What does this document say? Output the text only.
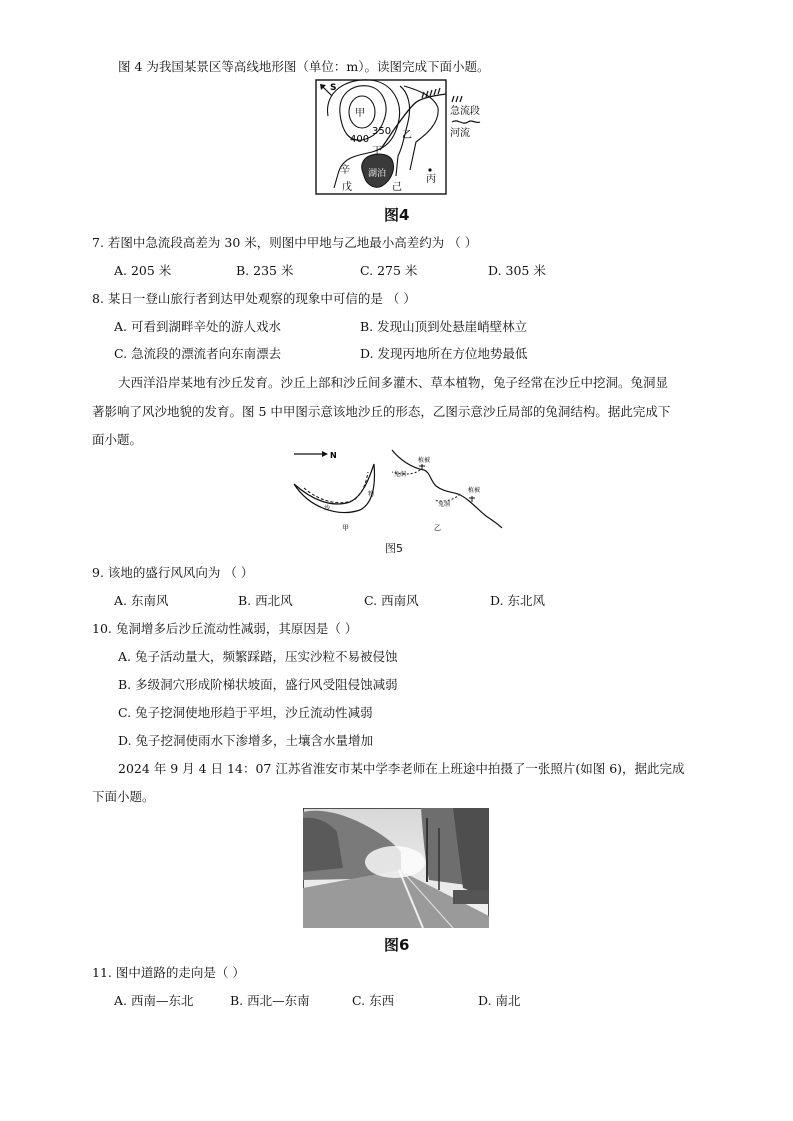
图 4 为我国某景区等高线地形图（单位：m）。读图完成下面小题。
S
湖泊
甲
400
350 乙
丁
辛
戊	己
丙
急流段
河流
图4
7. 若图中急流段高差为 30 米，则图中甲地与乙地最小高差约为 （ ）
A. 205 米	B. 235 米	C. 275 米	D. 305 米
8. 某日一登山旅行者到达甲处观察的现象中可信的是 （ ）
A. 可看到湖畔辛处的游人戏水	B. 发现山顶到处悬崖峭壁林立
C. 急流段的漂流者向东南漂去	D. 发现丙地所在方位地势最低
大西洋沿岸某地有沙丘发育。沙丘上部和沙丘间多灌木、草本植物，兔子经常在沙丘中挖洞。兔洞显
著影响了风沙地貌的发育。图 5 中甲图示意该地沙丘的形态，乙图示意沙丘局部的兔洞结构。据此完成下
面小题。
N
沙
物
甲
兔洞
兔洞
植被
植被
乙
图5
9. 该地的盛行风风向为 （ ）
A. 东南风	B. 西北风	C. 西南风	D. 东北风
10. 兔洞增多后沙丘流动性减弱，其原因是（ ）
A. 兔子活动量大，频繁踩踏，压实沙粒不易被侵蚀
B. 多级洞穴形成阶梯状坡面，盛行风受阻侵蚀减弱
C. 兔子挖洞使地形趋于平坦，沙丘流动性减弱
D. 兔子挖洞使雨水下渗增多，土壤含水量增加
2024 年 9 月 4 日 14：07 江苏省淮安市某中学李老师在上班途中拍摄了一张照片(如图 6)，据此完成
下面小题。
图6
11. 图中道路的走向是（ ）
A. 西南—东北	B. 西北—东南	C. 东西	D. 南北
